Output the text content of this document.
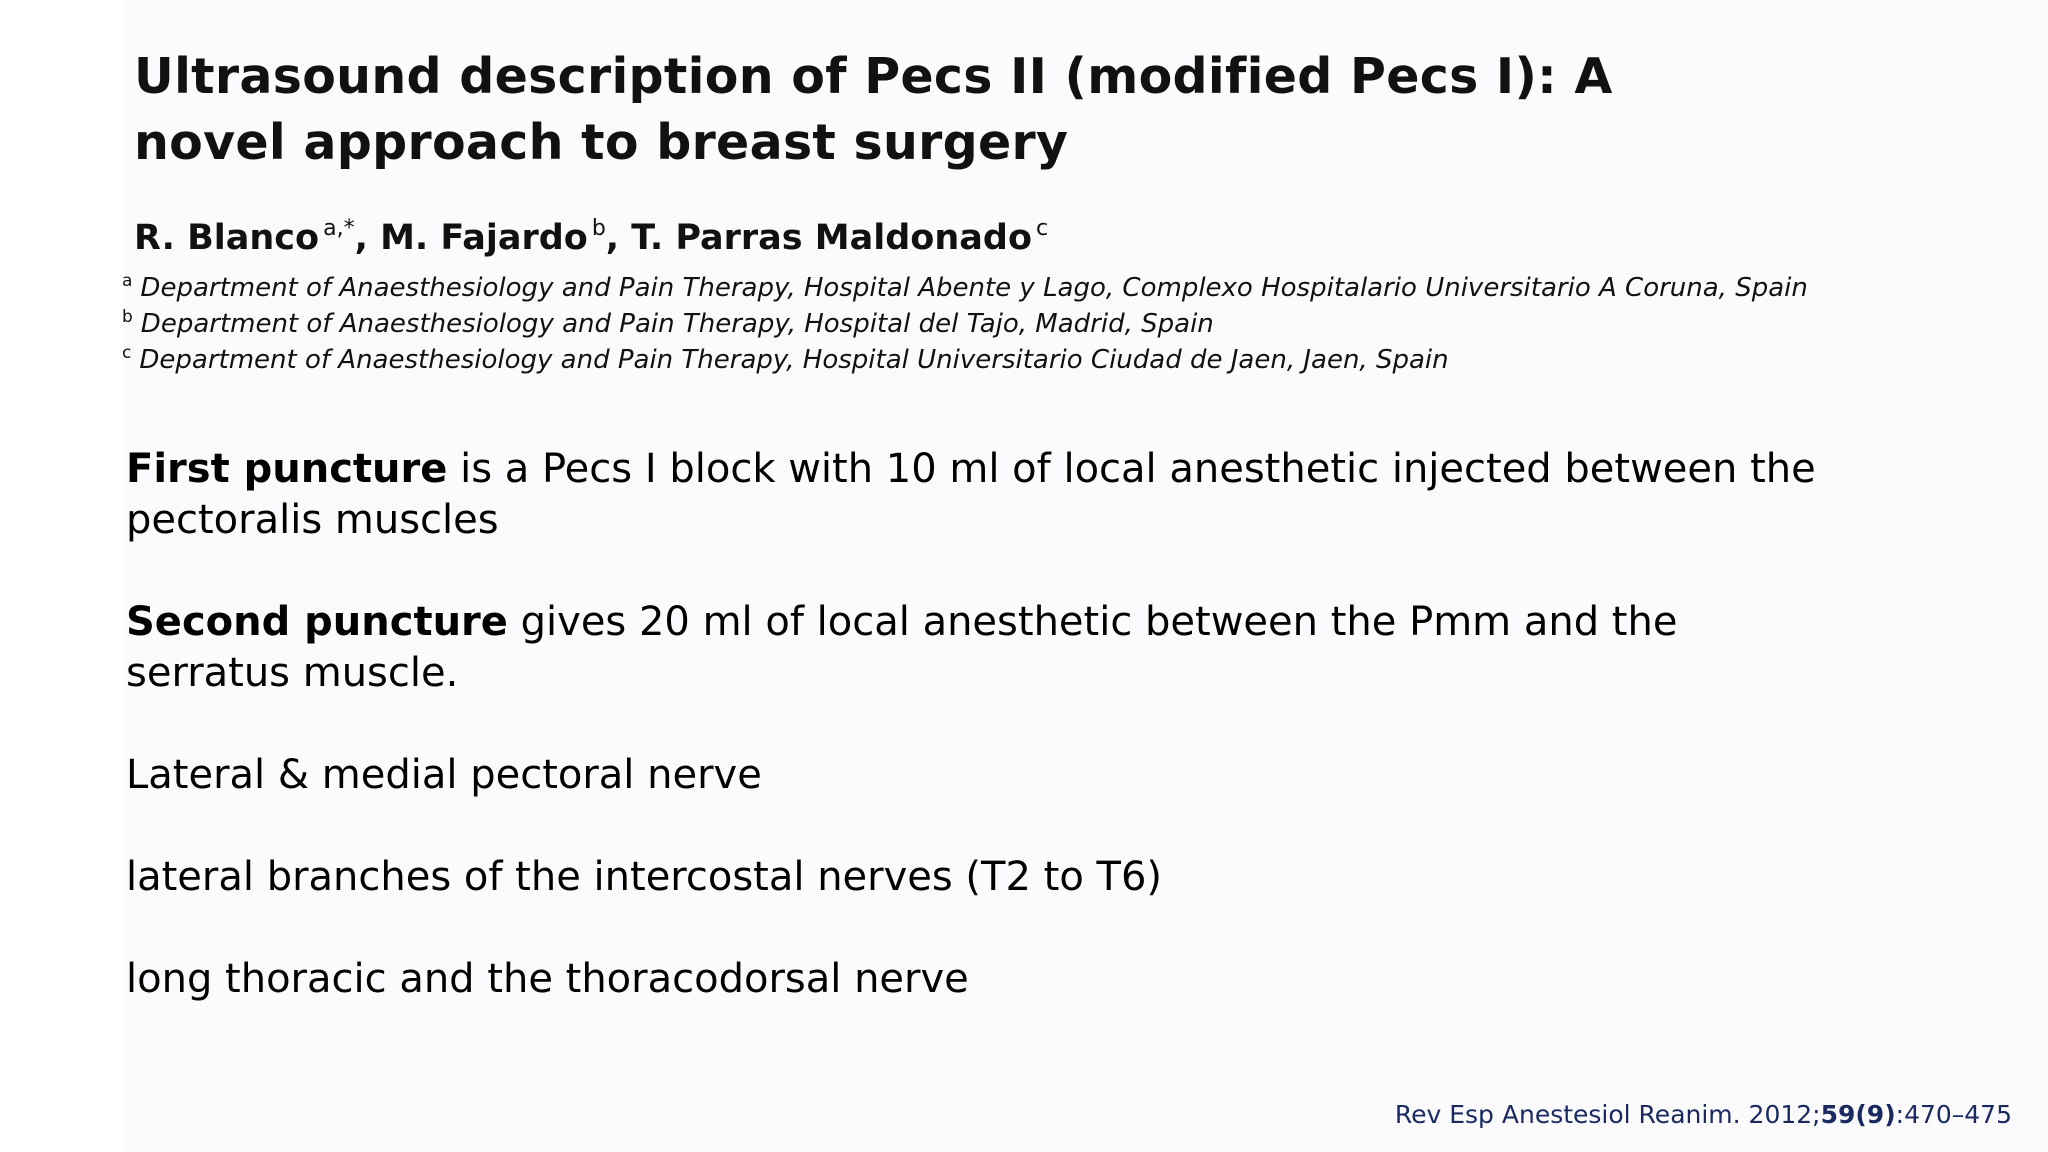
Ultrasound description of Pecs II (modified Pecs I): A novel approach to breast surgery

R. Blanco $^{a,*}$, M. Fajardo $^b$, T. Parras Maldonado $^c$

$^a$ Department of Anaesthesiology and Pain Therapy, Hospital Abente y Lago, Complexo Hospitalario Universitario A Coruna, Spain
$^b$ Department of Anaesthesiology and Pain Therapy, Hospital del Tajo, Madrid, Spain
$^c$ Department of Anaesthesiology and Pain Therapy, Hospital Universitario Ciudad de Jaen, Jaen, Spain

First puncture is a Pecs I block with 10 ml of local anesthetic injected between the pectoralis muscles

Second puncture gives 20 ml of local anesthetic between the Pmm and the serratus muscle.

Lateral & medial pectoral nerve

lateral branches of the intercostal nerves (T2 to T6)

long thoracic and the thoracodorsal nerve

Rev Esp Anestesiol Reanim. 2012;59(9):470–475
